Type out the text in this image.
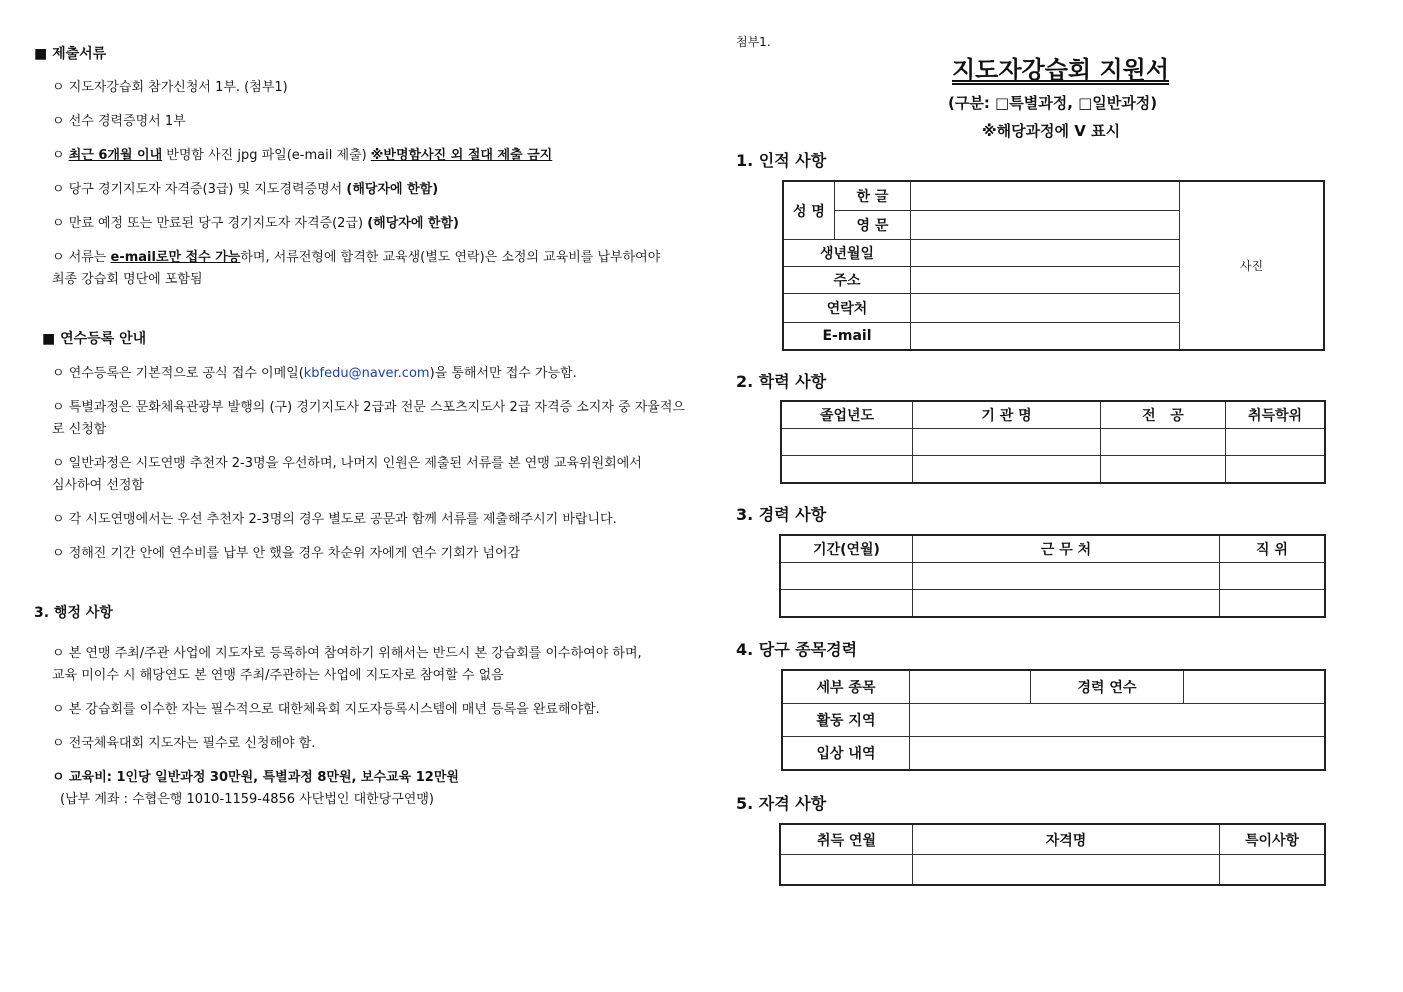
■ 제출서류
ㅇ 지도자강습회 참가신청서 1부. (첨부1)
ㅇ 선수 경력증명서 1부
ㅇ 최근 6개월 이내 반명함 사진 jpg 파일(e-mail 제출) ※반명함사진 외 절대 제출 금지
ㅇ 당구 경기지도자 자격증(3급) 및 지도경력증명서 (해당자에 한함)
ㅇ 만료 예정 또는 만료된 당구 경기지도자 자격증(2급) (해당자에 한함)
ㅇ 서류는 e-mail로만 접수 가능하며, 서류전형에 합격한 교육생(별도 연락)은 소정의 교육비를 납부하여야
최종 강습회 명단에 포함됨
■ 연수등록 안내
ㅇ 연수등록은 기본적으로 공식 접수 이메일(kbfedu@naver.com)을 통해서만 접수 가능함.
ㅇ 특별과정은 문화체육관광부 발행의 (구) 경기지도사 2급과 전문 스포츠지도사 2급 자격증 소지자 중 자율적으
로 신청함
ㅇ 일반과정은 시도연맹 추천자 2-3명을 우선하며, 나머지 인원은 제출된 서류를 본 연맹 교육위원회에서
심사하여 선정함
ㅇ 각 시도연맹에서는 우선 추천자 2-3명의 경우 별도로 공문과 함께 서류를 제출해주시기 바랍니다.
ㅇ 정해진 기간 안에 연수비를 납부 안 했을 경우 차순위 자에게 연수 기회가 넘어감
3. 행정 사항
ㅇ 본 연맹 주최/주관 사업에 지도자로 등록하여 참여하기 위해서는 반드시 본 강습회를 이수하여야 하며,
교육 미이수 시 해당연도 본 연맹 주최/주관하는 사업에 지도자로 참여할 수 없음
ㅇ 본 강습회를 이수한 자는 필수적으로 대한체육회 지도자등록시스템에 매년 등록을 완료해야함.
ㅇ 전국체육대회 지도자는 필수로 신청해야 함.
ㅇ 교육비: 1인당 일반과정 30만원, 특별과정 8만원, 보수교육 12만원
(납부 계좌 : 수협은행 1010-1159-4856 사단법인 대한당구연맹)
첨부1.
지도자강습회 지원서
(구분: □특별과정, □일반과정)
※해당과정에 V 표시
1. 인적 사항
성 명	한 글		사진
	영 문		
생년월일			
주소			
연락처			
E-mail			
2. 학력 사항
졸업년도	기 관 명	전   공	취득학위

3. 경력 사항
기간(연월)	근 무 처	직 위

4. 당구 종목경력
세부 종목		경력 연수	
활동 지역			
입상 내역			
5. 자격 사항
취득 연월	자격명	특이사항
